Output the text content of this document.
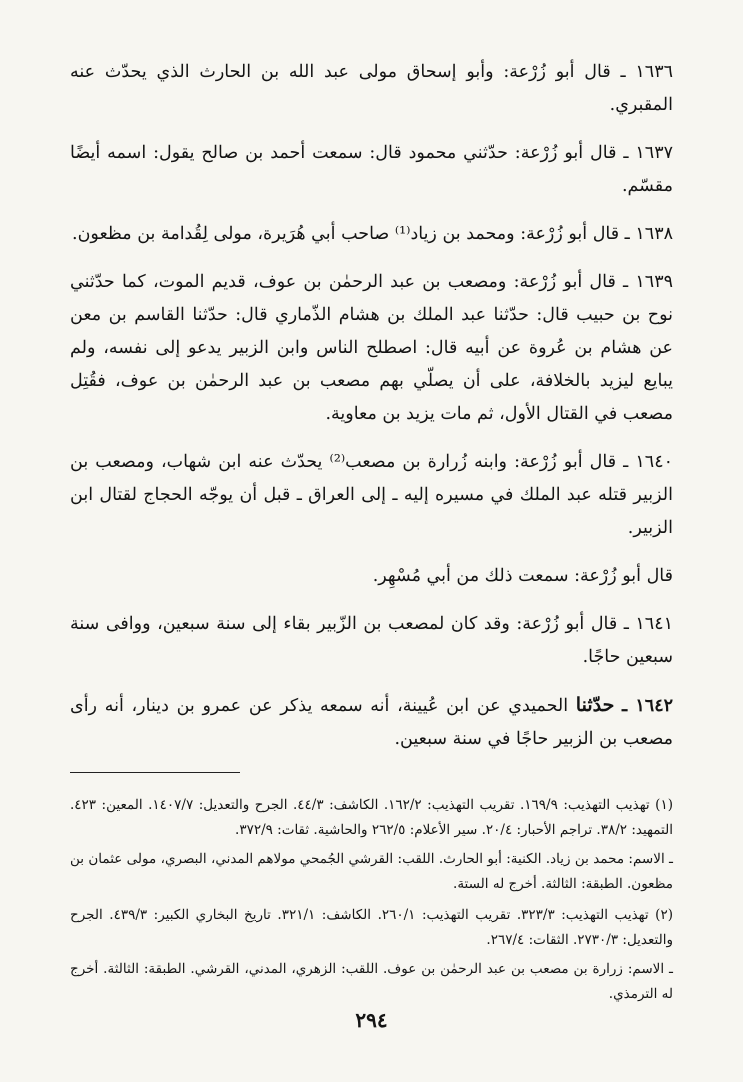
١٦٣٦ ـ قال أبو زُرْعة: وأبو إسحاق مولى عبد الله بن الحارث الذي يحدّث عنه المقبري.

١٦٣٧ ـ قال أبو زُرْعة: حدّثني محمود قال: سمعت أحمد بن صالح يقول: اسمه أيضًا مقسّم.

١٦٣٨ ـ قال أبو زُرْعة: ومحمد بن زياد⁽¹⁾ صاحب أبي هُرَيرة، مولى لِقُدامة بن مظعون.

١٦٣٩ ـ قال أبو زُرْعة: ومصعب بن عبد الرحمٰن بن عوف، قديم الموت، كما حدّثني نوح بن حبيب قال: حدّثنا عبد الملك بن هشام الذّماري قال: حدّثنا القاسم بن معن عن هشام بن عُروة عن أبيه قال: اصطلح الناس وابن الزبير يدعو إلى نفسه، ولم يبايع ليزيد بالخلافة، على أن يصلّي بهم مصعب بن عبد الرحمٰن بن عوف، فقُتِل مصعب في القتال الأول، ثم مات يزيد بن معاوية.

١٦٤٠ ـ قال أبو زُرْعة: وابنه زُرارة بن مصعب⁽²⁾ يحدّث عنه ابن شهاب، ومصعب بن الزبير قتله عبد الملك في مسيره إليه ـ إلى العراق ـ قبل أن يوجّه الحجاج لقتال ابن الزبير.

قال أبو زُرْعة: سمعت ذلك من أبي مُسْهِر.

١٦٤١ ـ قال أبو زُرْعة: وقد كان لمصعب بن الزّبير بقاء إلى سنة سبعين، ووافى سنة سبعين حاجًا.

١٦٤٢ ـ حدّثنا الحميدي عن ابن عُيينة، أنه سمعه يذكر عن عمرو بن دينار، أنه رأى مصعب بن الزبير حاجًا في سنة سبعين.

(١) تهذيب التهذيب: ١٦٩/٩. تقريب التهذيب: ١٦٢/٢. الكاشف: ٤٤/٣. الجرح والتعديل: ١٤٠٧/٧. المعين: ٤٢٣. التمهيد: ٣٨/٢. تراجم الأحبار: ٢٠/٤. سير الأعلام: ٢٦٢/٥ والحاشية. ثقات: ٣٧٢/٩.

ـ الاسم: محمد بن زياد. الكنية: أبو الحارث. اللقب: القرشي الجُمحي مولاهم المدني، البصري، مولى عثمان بن مظعون. الطبقة: الثالثة. أخرج له الستة.

(٢) تهذيب التهذيب: ٣٢٣/٣. تقريب التهذيب: ٢٦٠/١. الكاشف: ٣٢١/١. تاريخ البخاري الكبير: ٤٣٩/٣. الجرح والتعديل: ٢٧٣٠/٣. الثقات: ٢٦٧/٤.

ـ الاسم: زرارة بن مصعب بن عبد الرحمٰن بن عوف. اللقب: الزهري، المدني، القرشي. الطبقة: الثالثة. أخرج له الترمذي.

٢٩٤
